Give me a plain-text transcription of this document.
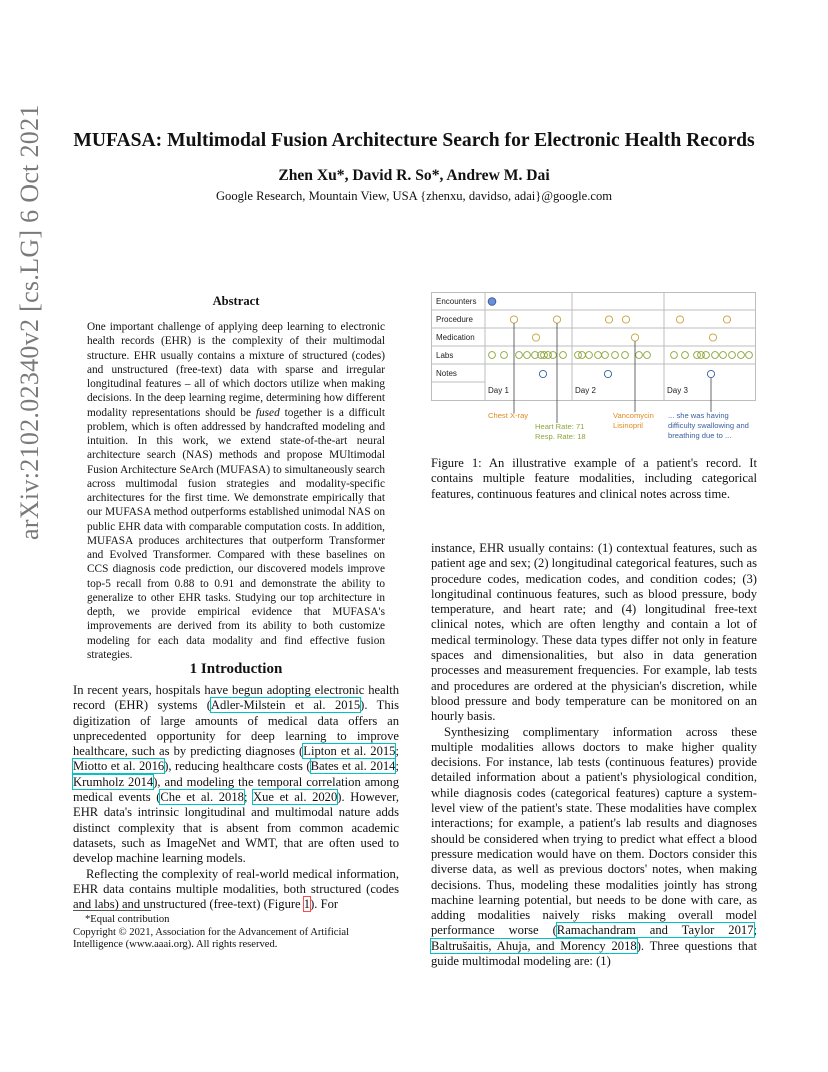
MUFASA: Multimodal Fusion Architecture Search for Electronic Health Records
Zhen Xu*, David R. So*, Andrew M. Dai
Google Research, Mountain View, USA {zhenxu, davidso, adai}@google.com
arXiv:2102.02340v2 [cs.LG] 6 Oct 2021	Abstract
One important challenge of applying deep learning to electronic health records (EHR) is the complexity of their multimodal structure. EHR usually contains a mixture of structured (codes) and unstructured (free-text) data with sparse and irregular longitudinal features – all of which doctors utilize when making decisions. In the deep learning regime, determining how different modality representations should be fused together is a difficult problem, which is often addressed by handcrafted modeling and intuition. In this work, we extend state-of-the-art neural architecture search (NAS) methods and propose MUltimodal Fusion Architecture SeArch (MUFASA) to simultaneously search across multimodal fusion strategies and modality-specific architectures for the first time. We demonstrate empirically that our MUFASA method outperforms established unimodal NAS on public EHR data with comparable computation costs. In addition, MUFASA produces architectures that outperform Transformer and Evolved Transformer. Compared with these baselines on CCS diagnosis code prediction, our discovered models improve top-5 recall from 0.88 to 0.91 and demonstrate the ability to generalize to other EHR tasks. Studying our top architecture in depth, we provide empirical evidence that MUFASA's improvements are derived from its ability to both customize modeling for each data modality and find effective fusion strategies.
1 Introduction

In recent years, hospitals have begun adopting electronic health record (EHR) systems (Adler-Milstein et al. 2015). This digitization of large amounts of medical data offers an unprecedented opportunity for deep learning to improve healthcare, such as by predicting diagnoses (Lipton et al. 2015; Miotto et al. 2016), reducing healthcare costs (Bates et al. 2014; Krumholz 2014), and modeling the temporal correlation among medical events (Che et al. 2018; Xue et al. 2020). However, EHR data's intrinsic longitudinal and multimodal nature adds distinct complexity that is absent from common academic datasets, such as ImageNet and WMT, that are often used to develop machine learning models.

Reflecting the complexity of real-world medical information, EHR data contains multiple modalities, both structured (codes and labs) and unstructured (free-text) (Figure 1). For

*Equal contribution
Copyright © 2021, Association for the Advancement of Artificial Intelligence (www.aaai.org). All rights reserved.
Encounters
Procedure
Medication
Labs
Notes
Day 1	Day 2	Day 3
Chest X-ray
Heart Rate: 71
Resp. Rate: 18
Vancomycin
Lisinopril
... she was having
difficulty swallowing and
breathing due to ...
Figure 1: An illustrative example of a patient's record. It contains multiple feature modalities, including categorical features, continuous features and clinical notes across time.

instance, EHR usually contains: (1) contextual features, such as patient age and sex; (2) longitudinal categorical features, such as procedure codes, medication codes, and condition codes; (3) longitudinal continuous features, such as blood pressure, body temperature, and heart rate; and (4) longitudinal free-text clinical notes, which are often lengthy and contain a lot of medical terminology. These data types differ not only in feature spaces and dimensionalities, but also in data generation processes and measurement frequencies. For example, lab tests and procedures are ordered at the physician's discretion, while blood pressure and body temperature can be monitored on an hourly basis.

Synthesizing complimentary information across these multiple modalities allows doctors to make higher quality decisions. For instance, lab tests (continuous features) provide detailed information about a patient's physiological condition, while diagnosis codes (categorical features) capture a system-level view of the patient's state. These modalities have complex interactions; for example, a patient's lab results and diagnoses should be considered when trying to predict what effect a blood pressure medication would have on them. Doctors consider this diverse data, as well as previous doctors' notes, when making decisions. Thus, modeling these modalities jointly has strong machine learning potential, but needs to be done with care, as adding modalities naively risks making overall model performance worse (Ramachandram and Taylor 2017; Baltrušaitis, Ahuja, and Morency 2018). Three questions that guide multimodal modeling are: (1)
